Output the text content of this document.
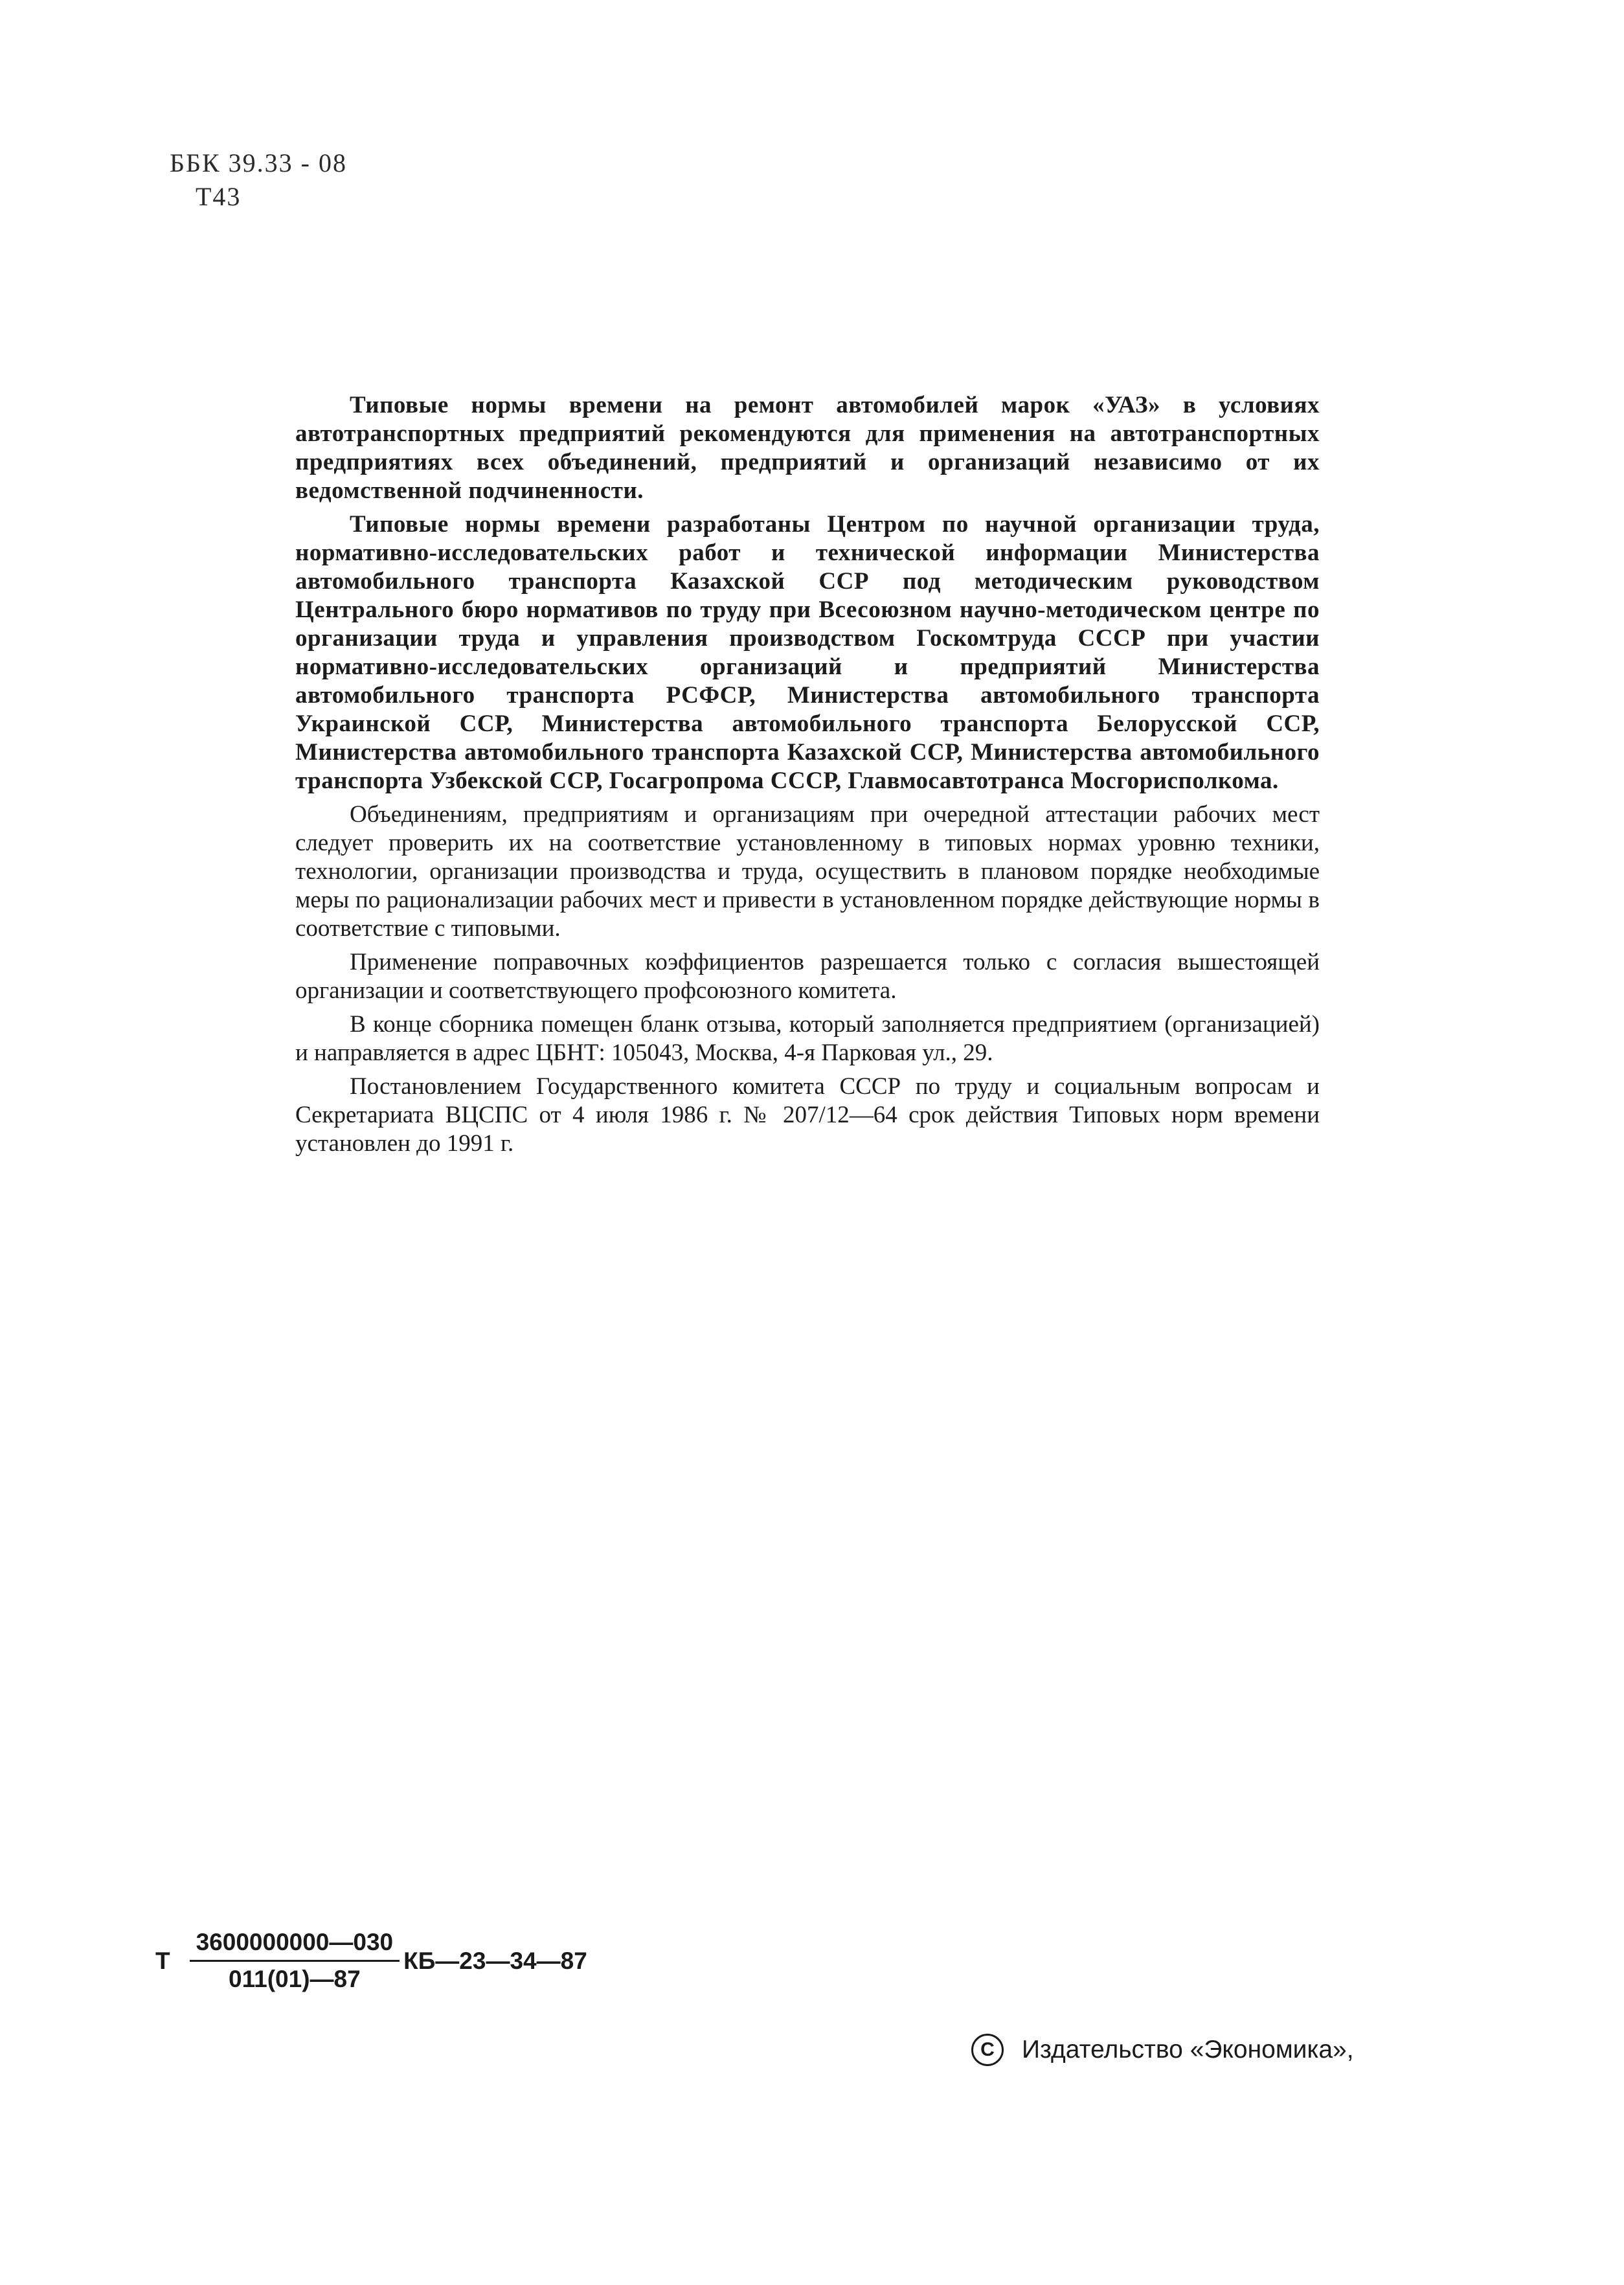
ББК 39.33 - 08
Т43

Типовые нормы времени на ремонт автомобилей марок «УАЗ» в условиях автотранспортных предприятий рекомендуются для применения на автотранспортных предприятиях всех объединений, предприятий и организаций независимо от их ведомственной подчиненности.

Типовые нормы времени разработаны Центром по научной организации труда, нормативно-исследовательских работ и технической информации Министерства автомобильного транспорта Казахской ССР под методическим руководством Центрального бюро нормативов по труду при Всесоюзном научно-методическом центре по организации труда и управления производством Госкомтруда СССР при участии нормативно-исследовательских организаций и предприятий Министерства автомобильного транспорта РСФСР, Министерства автомобильного транспорта Украинской ССР, Министерства автомобильного транспорта Белорусской ССР, Министерства автомобильного транспорта Казахской ССР, Министерства автомобильного транспорта Узбекской ССР, Госагропрома СССР, Главмосавтотранса Мосгорисполкома.

Объединениям, предприятиям и организациям при очередной аттестации рабочих мест следует проверить их на соответствие установленному в типовых нормах уровню техники, технологии, организации производства и труда, осуществить в плановом порядке необходимые меры по рационализации рабочих мест и привести в установленном порядке действующие нормы в соответствие с типовыми.

Применение поправочных коэффициентов разрешается только с согласия вышестоящей организации и соответствующего профсоюзного комитета.

В конце сборника помещен бланк отзыва, который заполняется предприятием (организацией) и направляется в адрес ЦБНТ: 105043, Москва, 4-я Парковая ул., 29.

Постановлением Государственного комитета СССР по труду и социальным вопросам и Секретариата ВЦСПС от 4 июля 1986 г. № 207/12—64 срок действия Типовых норм времени установлен до 1991 г.

Т $\frac{3600000000—030}{011(01)—87}$ КБ—23—34—87
С	Издательство «Экономика»,
